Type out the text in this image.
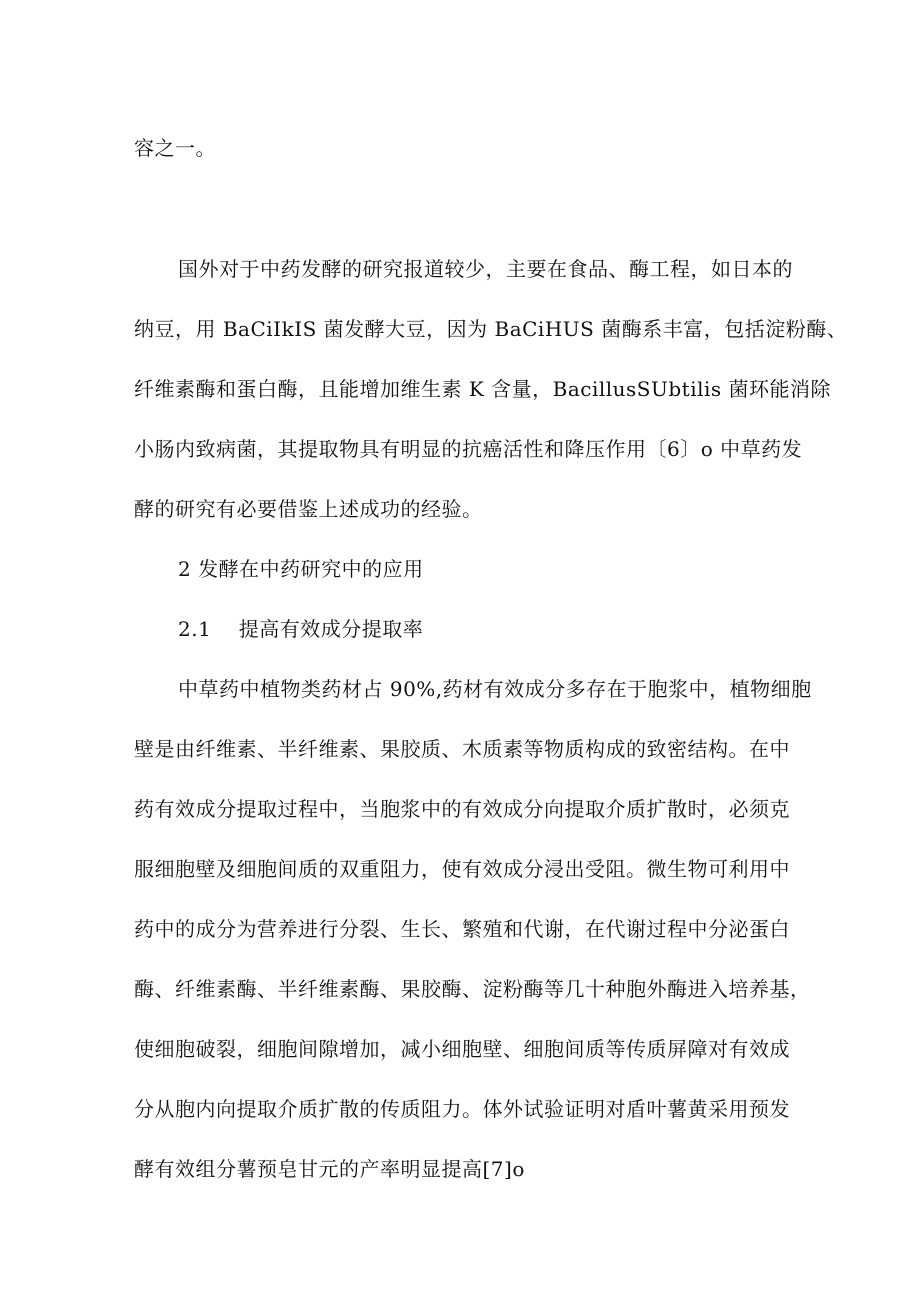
容之一。
国外对于中药发酵的研究报道较少，主要在食品、酶工程，如日本的
纳豆，用 BaCiIkIS 菌发酵大豆，因为 BaCiHUS 菌酶系丰富，包括淀粉酶、
纤维素酶和蛋白酶，且能增加维生素 K 含量，BacillusSUbtilis 菌环能消除
小肠内致病菌，其提取物具有明显的抗癌活性和降压作用〔6〕o 中草药发
酵的研究有必要借鉴上述成功的经验。
2 发酵在中药研究中的应用
2.1    提高有效成分提取率
中草药中植物类药材占 90%,药材有效成分多存在于胞浆中，植物细胞
壁是由纤维素、半纤维素、果胶质、木质素等物质构成的致密结构。在中
药有效成分提取过程中，当胞浆中的有效成分向提取介质扩散时，必须克
服细胞壁及细胞间质的双重阻力，使有效成分浸出受阻。微生物可利用中
药中的成分为营养进行分裂、生长、繁殖和代谢，在代谢过程中分泌蛋白
酶、纤维素酶、半纤维素酶、果胶酶、淀粉酶等几十种胞外酶进入培养基，
使细胞破裂，细胞间隙增加，减小细胞壁、细胞间质等传质屏障对有效成
分从胞内向提取介质扩散的传质阻力。体外试验证明对盾叶薯黄采用预发
酵有效组分薯预皂甘元的产率明显提高[7]o
